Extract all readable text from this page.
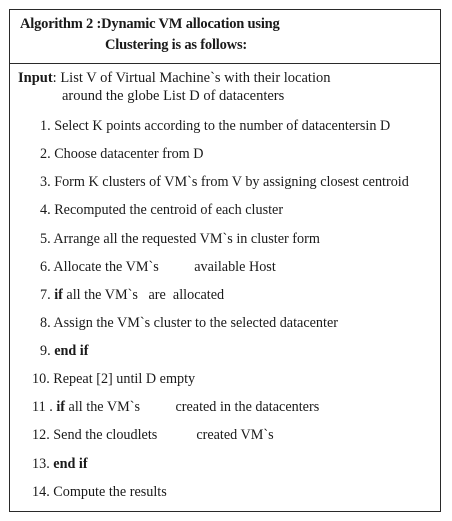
Algorithm 2 :Dynamic VM allocation using
Clustering is as follows:
Input: List V of Virtual Machine`s with their location
around the globe List D of datacenters
1. Select K points according to the number of datacentersin D
2. Choose datacenter from D
3. Form K clusters of VM`s from V by assigning closest centroid
4. Recomputed the centroid of each cluster
5. Arrange all the requested VM`s in cluster form
6. Allocate the VM`s          available Host
7. if all the VM`s   are  allocated
8. Assign the VM`s cluster to the selected datacenter
9. end if
10. Repeat [2] until D empty
11 . if all the VM`s          created in the datacenters
12. Send the cloudlets           created VM`s
13. end if
14. Compute the results
